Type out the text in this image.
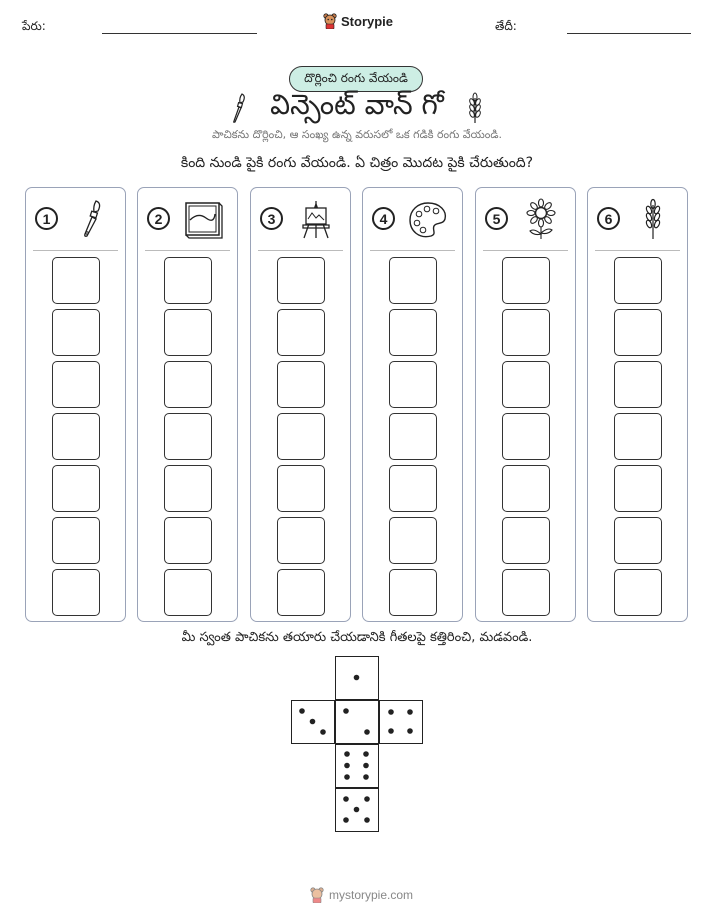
పేరు:	Storypie	తేదీ:
దొర్లించి రంగు వేయండి
విన్సెంట్ వాన్ గో
పాచికను దొర్లించి, ఆ సంఖ్య ఉన్న వరుసలో ఒక గడికి రంగు వేయండి.
కింది నుండి పైకి రంగు వేయండి. ఏ చిత్రం మొదట పైకి చేరుతుంది?
1	2	3	4	5	6
మీ స్వంత పాచికను తయారు చేయడానికి గీతలపై కత్తిరించి, మడవండి.
mystorypie.com
